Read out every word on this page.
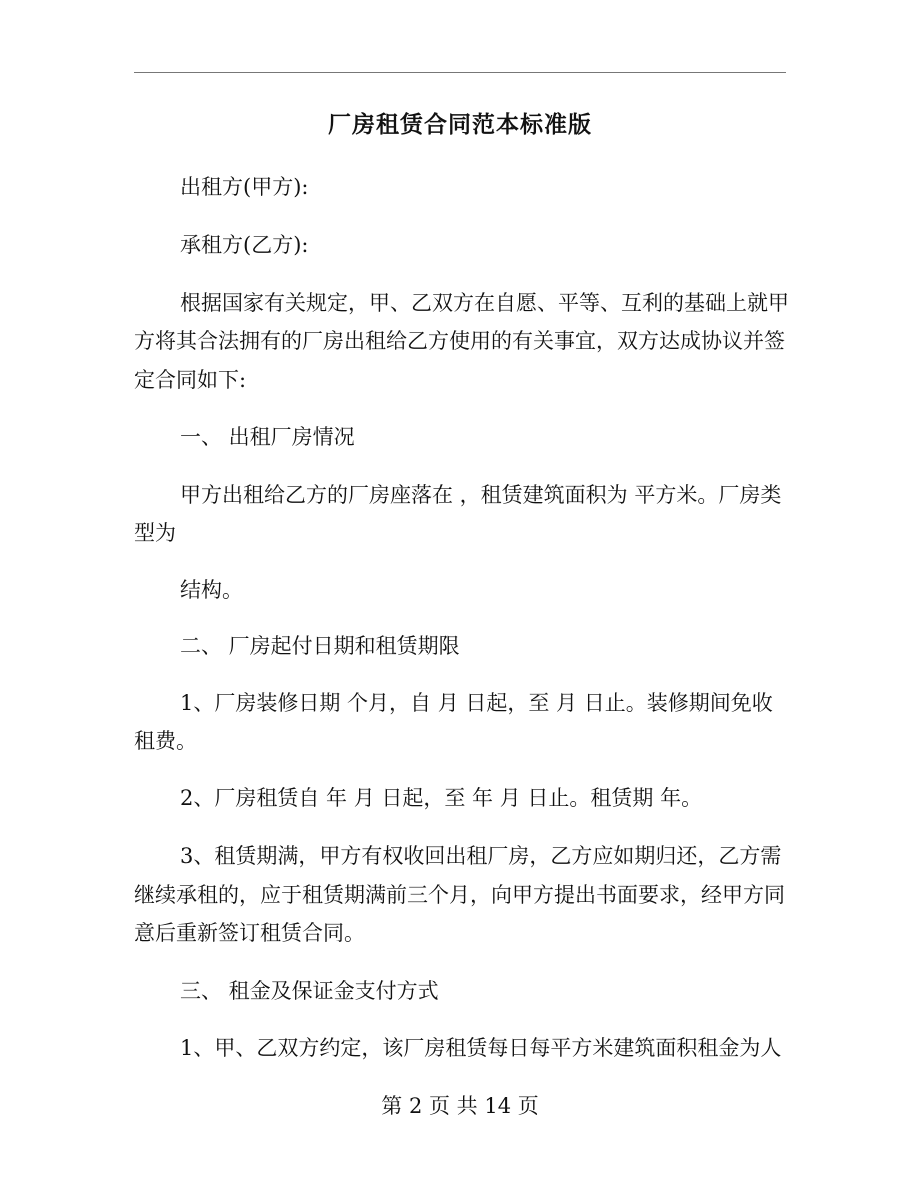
厂房租赁合同范本标准版
出租方(甲方):
承租方(乙方):
根据国家有关规定，甲、乙双方在自愿、平等、互利的基础上就甲
方将其合法拥有的厂房出租给乙方使用的有关事宜，双方达成协议并签
定合同如下:
一、 出租厂房情况
甲方出租给乙方的厂房座落在 ，租赁建筑面积为 平方米。厂房类
型为
结构。
二、 厂房起付日期和租赁期限
1、厂房装修日期 个月，自 月 日起，至 月 日止。装修期间免收
租费。
2、厂房租赁自 年 月 日起，至 年 月 日止。租赁期 年。
3、租赁期满，甲方有权收回出租厂房，乙方应如期归还，乙方需
继续承租的，应于租赁期满前三个月，向甲方提出书面要求，经甲方同
意后重新签订租赁合同。
三、 租金及保证金支付方式
1、甲、乙双方约定，该厂房租赁每日每平方米建筑面积租金为人
第 2 页 共 14 页
